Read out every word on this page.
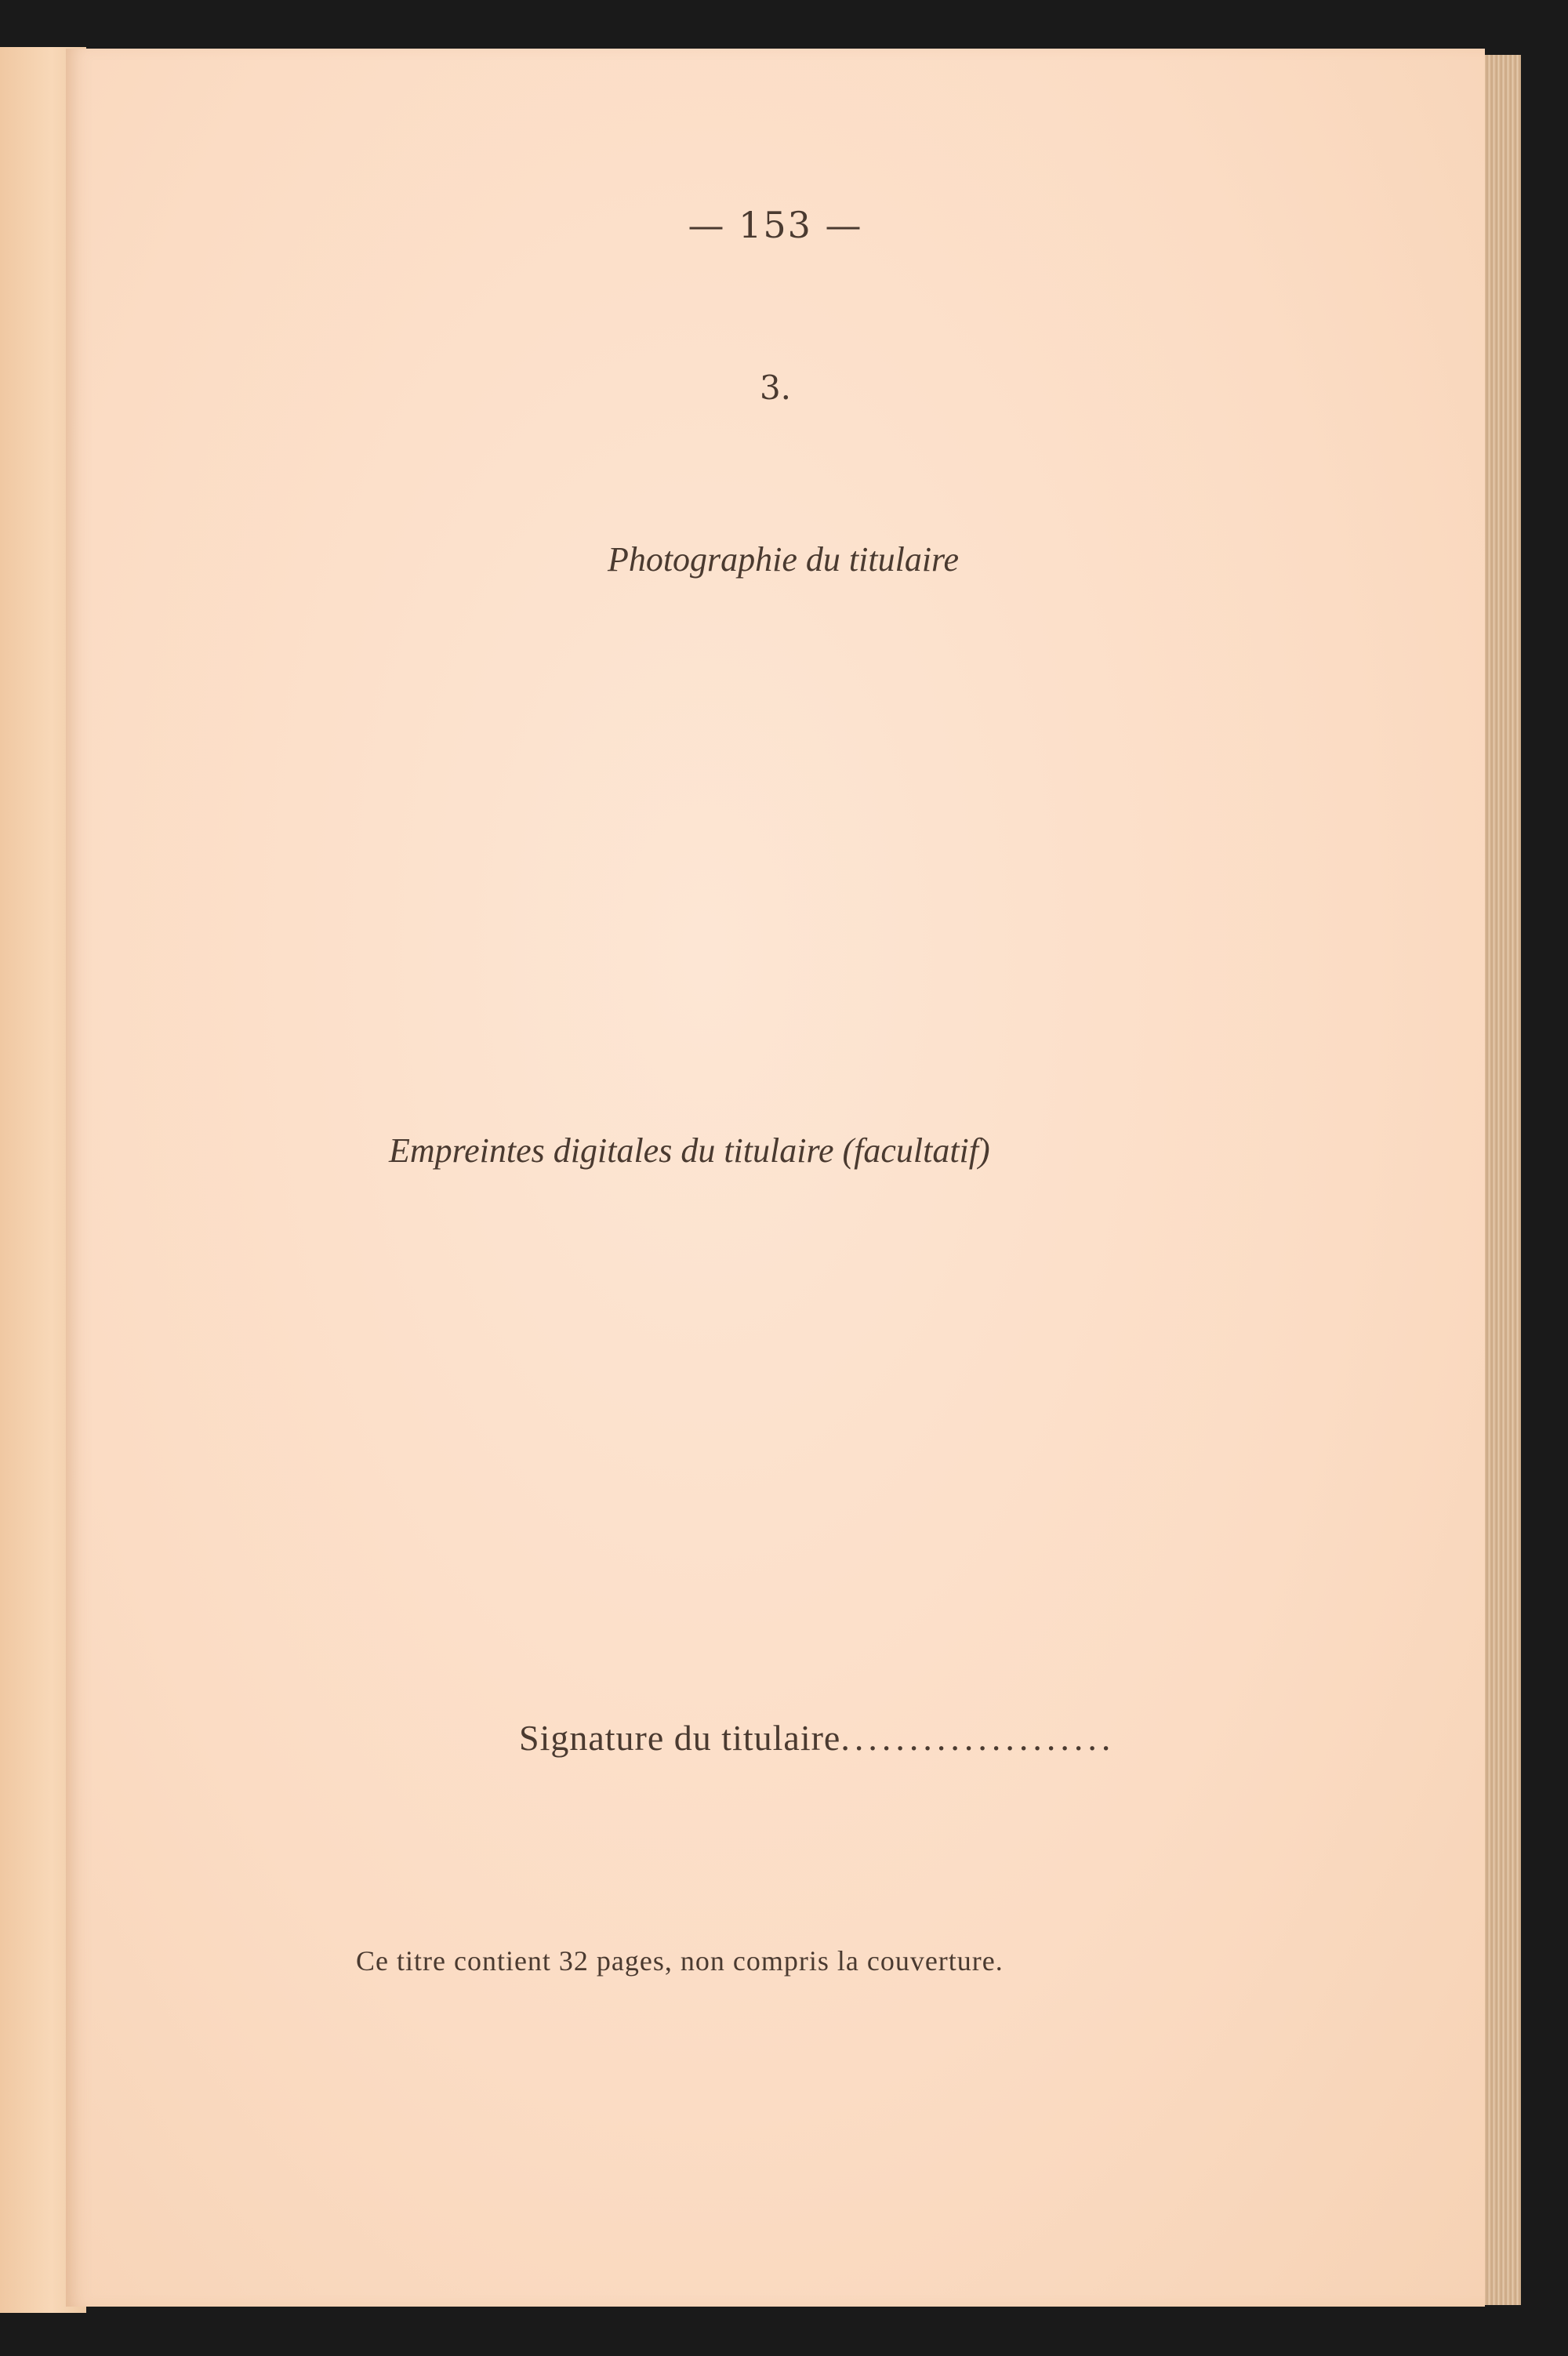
— 153 —
3.
Photographie du titulaire
Empreintes digitales du titulaire (facultatif)
Signature du titulaire....................
Ce titre contient 32 pages, non compris la couverture.
